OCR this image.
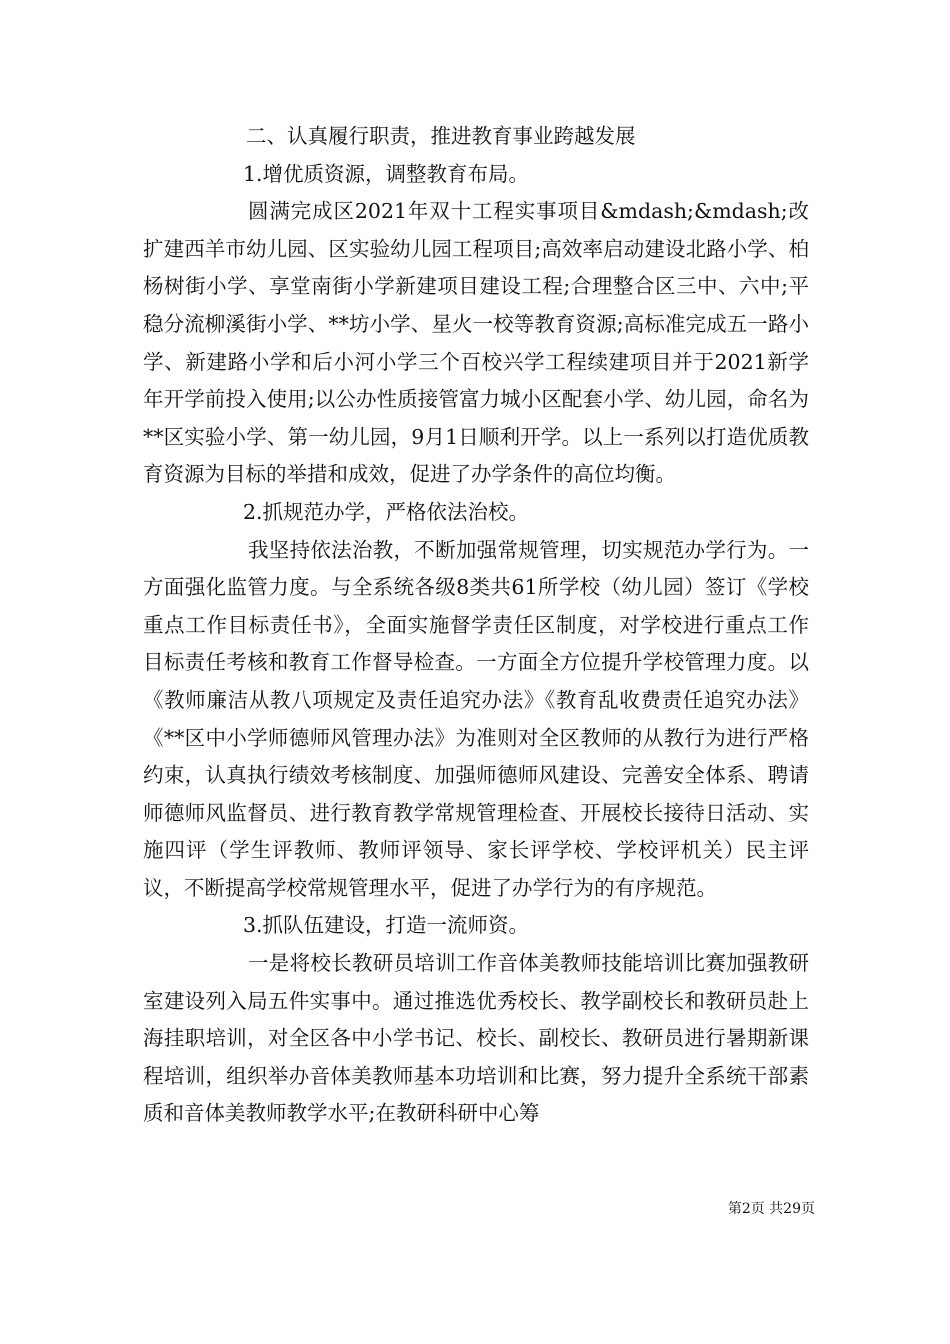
二、认真履行职责，推进教育事业跨越发展

1.增优质资源，调整教育布局。

圆满完成区2021年双十工程实事项目&mdash;&mdash;改扩建西羊市幼儿园、区实验幼儿园工程项目;高效率启动建设北路小学、柏杨树街小学、享堂南街小学新建项目建设工程;合理整合区三中、六中;平稳分流柳溪街小学、**坊小学、星火一校等教育资源;高标准完成五一路小学、新建路小学和后小河小学三个百校兴学工程续建项目并于2021新学年开学前投入使用;以公办性质接管富力城小区配套小学、幼儿园，命名为**区实验小学、第一幼儿园，9月1日顺利开学。以上一系列以打造优质教育资源为目标的举措和成效，促进了办学条件的高位均衡。

2.抓规范办学，严格依法治校。

我坚持依法治教，不断加强常规管理，切实规范办学行为。一方面强化监管力度。与全系统各级8类共61所学校（幼儿园）签订《学校重点工作目标责任书》，全面实施督学责任区制度，对学校进行重点工作目标责任考核和教育工作督导检查。一方面全方位提升学校管理力度。以《教师廉洁从教八项规定及责任追究办法》《教育乱收费责任追究办法》《**区中小学师德师风管理办法》为准则对全区教师的从教行为进行严格约束，认真执行绩效考核制度、加强师德师风建设、完善安全体系、聘请师德师风监督员、进行教育教学常规管理检查、开展校长接待日活动、实施四评（学生评教师、教师评领导、家长评学校、学校评机关）民主评议，不断提高学校常规管理水平，促进了办学行为的有序规范。

3.抓队伍建设，打造一流师资。

一是将校长教研员培训工作音体美教师技能培训比赛加强教研室建设列入局五件实事中。通过推选优秀校长、教学副校长和教研员赴上海挂职培训，对全区各中小学书记、校长、副校长、教研员进行暑期新课程培训，组织举办音体美教师基本功培训和比赛，努力提升全系统干部素质和音体美教师教学水平;在教研科研中心筹

第2页 共29页
